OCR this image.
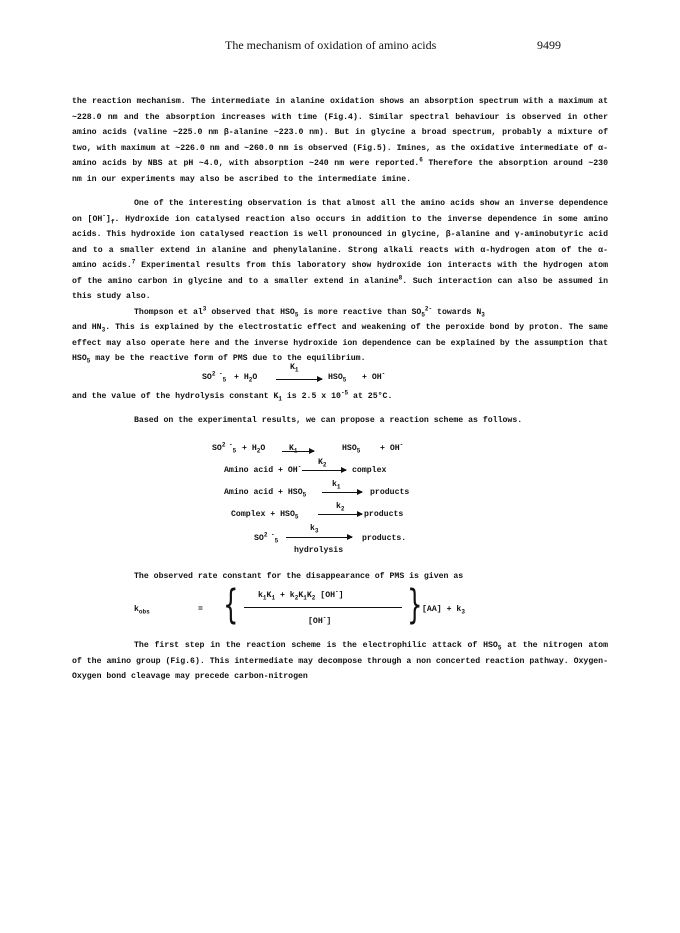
The mechanism of oxidation of amino acids	9499

the reaction mechanism. The intermediate in alanine oxidation shows an absorption spectrum with a maximum at ~228.0 nm and the absorption increases with time (Fig.4). Similar spectral behaviour is observed in other amino acids (valine ~225.0 nm β-alanine ~223.0 nm). But in glycine a broad spectrum, probably a mixture of two, with maximum at ~226.0 nm and ~260.0 nm is observed (Fig.5). Imines, as the oxidative intermediate of α-amino acids by NBS at pH ~4.0, with absorption ~240 nm were reported.$^6$ Therefore the absorption around ~230 nm in our experiments may also be ascribed to the intermediate imine.

One of the interesting observation is that almost all the amino acids show an inverse dependence on $[OH^-]_f$. Hydroxide ion catalysed reaction also occurs in addition to the inverse dependence in some amino acids. This hydroxide ion catalysed reaction is well pronounced in glycine, β-alanine and γ-aminobutyric acid and to a smaller extend in alanine and phenylalanine. Strong alkali reacts with α-hydrogen atom of the α-amino acids.$^7$ Experimental results from this laboratory show hydroxide ion interacts with the hydrogen atom of the amino carbon in glycine and to a smaller extend in alanine$^8$. Such interaction can also be assumed in this study also.

Thompson et $al^3$ observed that $HSO_5$ is more reactive than $SO_5^{2-}$ towards $N_3$
and $HN_3$. This is explained by the electrostatic effect and weakening of the peroxide bond by proton. The same effect may also operate here and the inverse hydroxide ion dependence can be explained by the assumption that $HSO_5$ may be the reactive form of PMS due to the equilibrium.

$SO^{2 -}_5 + H_2O$
$K_1$
$HSO_5 + OH^-$

and the value of the hydrolysis constant $K_1$ is 2.5 x $10^{-5}$ at 25°C.

Based on the experimental results, we can propose a reaction scheme as follows.

$SO^{2 -}_5 + H_2O$	$K_1$	$HSO_5 + OH^-$
Amino acid + OH- $K_2$
complex
Amino acid + $HSO_5$
$k_1$
products
Complex + $HSO_5$
$k_2$
products
$SO^{2 -}_5$
$k_3$
products.
hydrolysis

The observed rate constant for the disappearance of PMS is given as

$k_{obs}$	= { $k_1K_1 + k_2K_1K_2$ [OH-]
[OH-] } $[AA] + k_3$

The first step in the reaction scheme is the electrophilic attack of $HSO_5$ at the nitrogen atom of the amino group (Fig.6). This intermediate may decompose through a non concerted reaction pathway. Oxygen-Oxygen bond cleavage may precede carbon-nitrogen
